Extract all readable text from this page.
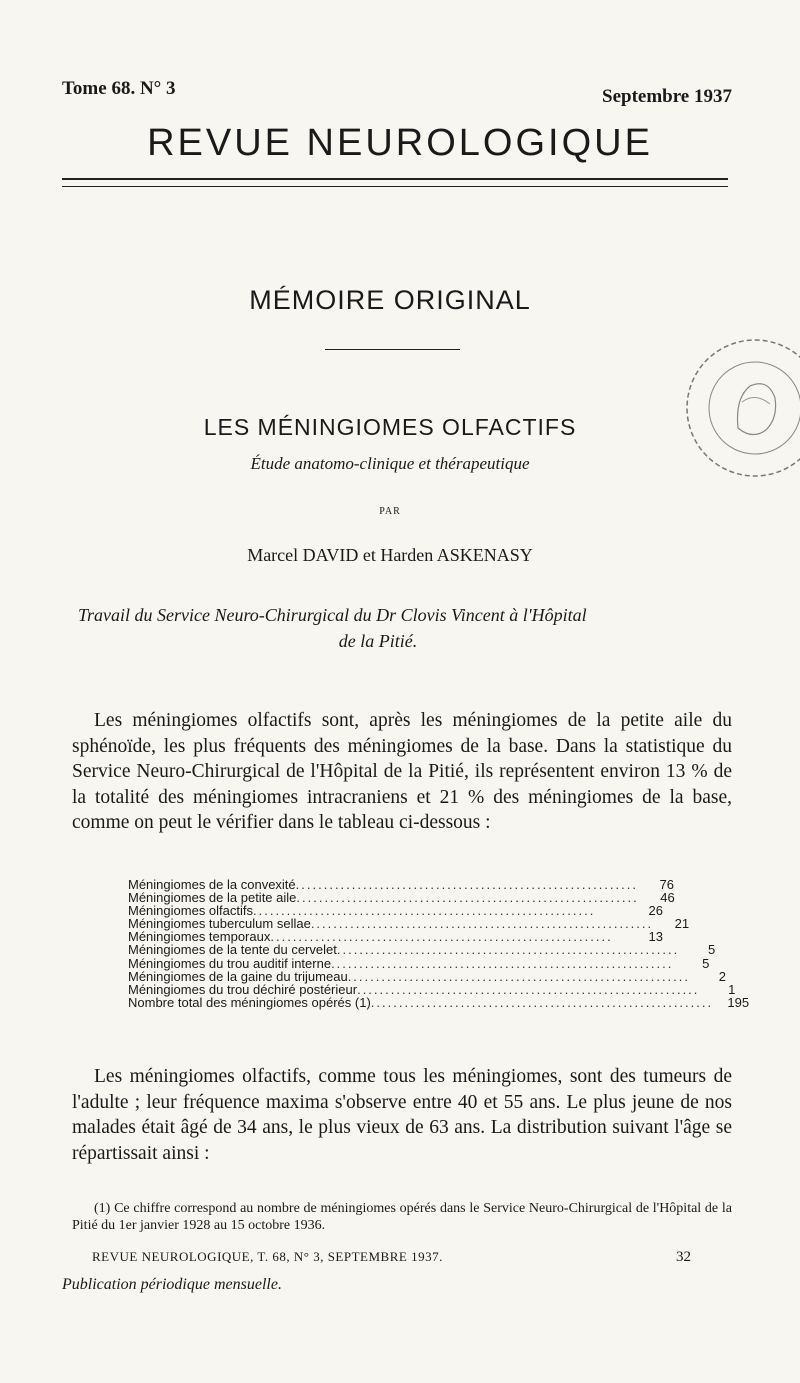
Tome 68. N° 3	Septembre 1937
REVUE NEUROLOGIQUE
MÉMOIRE ORIGINAL
LES MÉNINGIOMES OLFACTIFS
Étude anatomo-clinique et thérapeutique
PAR
Marcel DAVID et Harden ASKENASY
Travail du Service Neuro-Chirurgical du Dr Clovis Vincent à l'Hôpital
de la Pitié.
Les méningiomes olfactifs sont, après les méningiomes de la petite aile du sphénoïde, les plus fréquents des méningiomes de la base. Dans la statistique du Service Neuro-Chirurgical de l'Hôpital de la Pitié, ils représentent environ 13 % de la totalité des méningiomes intracraniens et 21 % des méningiomes de la base, comme on peut le vérifier dans le tableau ci-dessous :
Méningiomes de la convexité .............................................................	76
Méningiomes de la petite aile .............................................................	46
Méningiomes olfactifs .............................................................	26
Méningiomes tuberculum sellae .............................................................	21
Méningiomes temporaux .............................................................	13
Méningiomes de la tente du cervelet .............................................................	5
Méningiomes du trou auditif interne .............................................................	5
Méningiomes de la gaine du trijumeau .............................................................	2
Méningiomes du trou déchiré postérieur .............................................................	1
Nombre total des méningiomes opérés (1) .............................................................	195
Les méningiomes olfactifs, comme tous les méningiomes, sont des tumeurs de l'adulte ; leur fréquence maxima s'observe entre 40 et 55 ans. Le plus jeune de nos malades était âgé de 34 ans, le plus vieux de 63 ans. La distribution suivant l'âge se répartissait ainsi :
(1) Ce chiffre correspond au nombre de méningiomes opérés dans le Service Neuro-Chirurgical de l'Hôpital de la Pitié du 1er janvier 1928 au 15 octobre 1936.
REVUE NEUROLOGIQUE, T. 68, N° 3, SEPTEMBRE 1937.	32
Publication périodique mensuelle.
